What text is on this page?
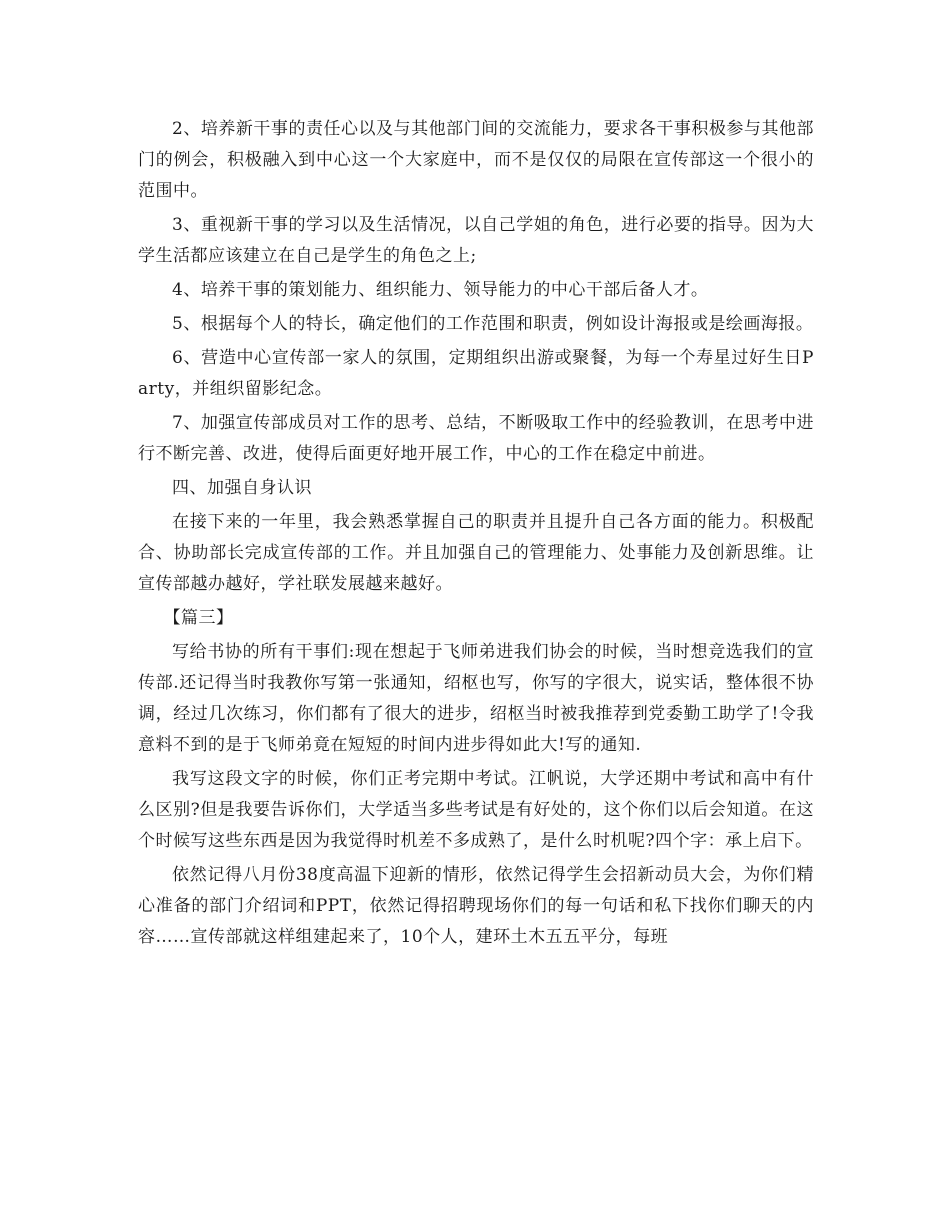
2、培养新干事的责任心以及与其他部门间的交流能力，要求各干事积极参与其他部门的例会，积极融入到中心这一个大家庭中，而不是仅仅的局限在宣传部这一个很小的范围中。

3、重视新干事的学习以及生活情况，以自己学姐的角色，进行必要的指导。因为大学生活都应该建立在自己是学生的角色之上;

4、培养干事的策划能力、组织能力、领导能力的中心干部后备人才。

5、根据每个人的特长，确定他们的工作范围和职责，例如设计海报或是绘画海报。

6、营造中心宣传部一家人的氛围，定期组织出游或聚餐，为每一个寿星过好生日Party，并组织留影纪念。

7、加强宣传部成员对工作的思考、总结，不断吸取工作中的经验教训，在思考中进行不断完善、改进，使得后面更好地开展工作，中心的工作在稳定中前进。

四、加强自身认识

在接下来的一年里，我会熟悉掌握自己的职责并且提升自己各方面的能力。积极配合、协助部长完成宣传部的工作。并且加强自己的管理能力、处事能力及创新思维。让宣传部越办越好，学社联发展越来越好。

【篇三】

写给书协的所有干事们:现在想起于飞师弟进我们协会的时候，当时想竞选我们的宣传部.还记得当时我教你写第一张通知，绍枢也写，你写的字很大，说实话，整体很不协调，经过几次练习，你们都有了很大的进步，绍枢当时被我推荐到党委勤工助学了!令我意料不到的是于飞师弟竟在短短的时间内进步得如此大!写的通知.

我写这段文字的时候，你们正考完期中考试。江帆说，大学还期中考试和高中有什么区别?但是我要告诉你们，大学适当多些考试是有好处的，这个你们以后会知道。在这个时候写这些东西是因为我觉得时机差不多成熟了，是什么时机呢?四个字：承上启下。

依然记得八月份38度高温下迎新的情形，依然记得学生会招新动员大会，为你们精心准备的部门介绍词和PPT，依然记得招聘现场你们的每一句话和私下找你们聊天的内容……宣传部就这样组建起来了，10个人，建环土木五五平分，每班
